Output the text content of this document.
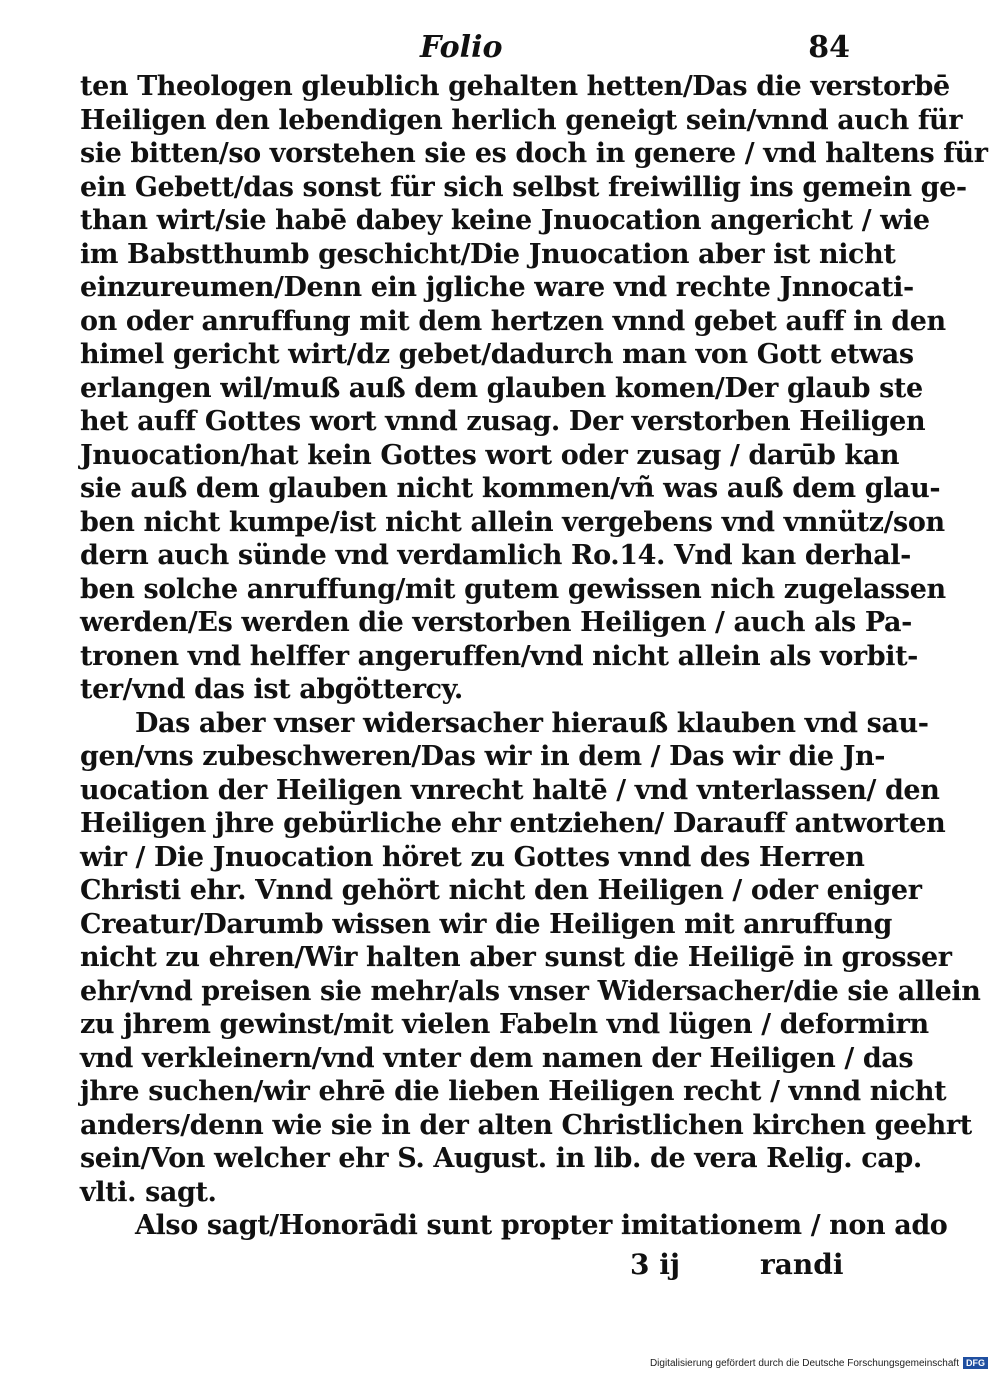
Folio	84
ten Theologen gleublich gehalten hetten/Das die verstorbē
Heiligen den lebendigen herlich geneigt sein/vnnd auch für
sie bitten/so vorstehen sie es doch in genere / vnd haltens für
ein Gebett/das sonst für sich selbst freiwillig ins gemein ge-
than wirt/sie habē dabey keine Jnuocation angericht / wie
im Babstthumb geschicht/Die Jnuocation aber ist nicht
einzureumen/Denn ein jgliche ware vnd rechte Jnnocati-
on oder anruffung mit dem hertzen vnnd gebet auff in den
himel gericht wirt/dz gebet/dadurch man von Gott etwas
erlangen wil/muß auß dem glauben komen/Der glaub ste
het auff Gottes wort vnnd zusag. Der verstorben Heiligen
Jnuocation/hat kein Gottes wort oder zusag / darūb kan
sie auß dem glauben nicht kommen/vñ was auß dem glau-
ben nicht kumpe/ist nicht allein vergebens vnd vnnütz/son
dern auch sünde vnd verdamlich Ro.14. Vnd kan derhal-
ben solche anruffung/mit gutem gewissen nich zugelassen
werden/Es werden die verstorben Heiligen / auch als Pa-
tronen vnd helffer angeruffen/vnd nicht allein als vorbit-
ter/vnd das ist abgöttercy.
Das aber vnser widersacher hierauß klauben vnd sau-
gen/vns zubeschweren/Das wir in dem / Das wir die Jn-
uocation der Heiligen vnrecht haltē / vnd vnterlassen/ den
Heiligen jhre gebürliche ehr entziehen/ Darauff antworten
wir / Die Jnuocation höret zu Gottes vnnd des Herren
Christi ehr. Vnnd gehört nicht den Heiligen / oder eniger
Creatur/Darumb wissen wir die Heiligen mit anruffung
nicht zu ehren/Wir halten aber sunst die Heiligē in grosser
ehr/vnd preisen sie mehr/als vnser Widersacher/die sie allein
zu jhrem gewinst/mit vielen Fabeln vnd lügen / deformirn
vnd verkleinern/vnd vnter dem namen der Heiligen / das
jhre suchen/wir ehrē die lieben Heiligen recht / vnnd nicht
anders/denn wie sie in der alten Christlichen kirchen geehrt
sein/Von welcher ehr S. August. in lib. de vera Relig. cap.
vlti. sagt.
Also sagt/Honorādi sunt propter imitationem / non ado
3 ij	randi
Digitalisierung gefördert durch die Deutsche Forschungsgemeinschaft DFG
